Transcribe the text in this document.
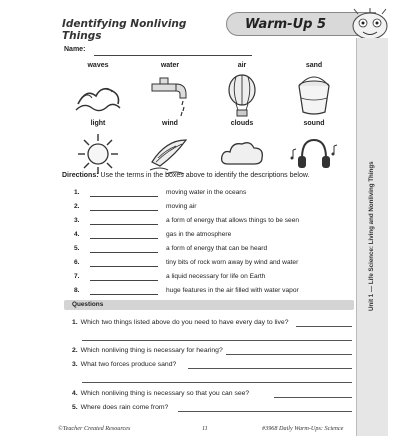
Identifying Nonliving Things
Warm-Up 5
Name:
Unit 1 — Life Science: Living and Nonliving Things
waves	water	air	sand
light	wind	clouds	sound
Directions: Use the terms in the boxes above to identify the descriptions below.
1.	moving water in the oceans
2.	moving air
3.	a form of energy that allows things to be seen
4.	gas in the atmosphere
5.	a form of energy that can be heard
6.	tiny bits of rock worn away by wind and water
7.	a liquid necessary for life on Earth
8.	huge features in the air filled with water vapor
Questions
1. Which two things listed above do you need to have every day to live?
2. Which nonliving thing is necessary for hearing?
3. What two forces produce sand?
4. Which nonliving thing is necessary so that you can see?
5. Where does rain come from?
©Teacher Created Resources	11	#3968 Daily Warm-Ups: Science
